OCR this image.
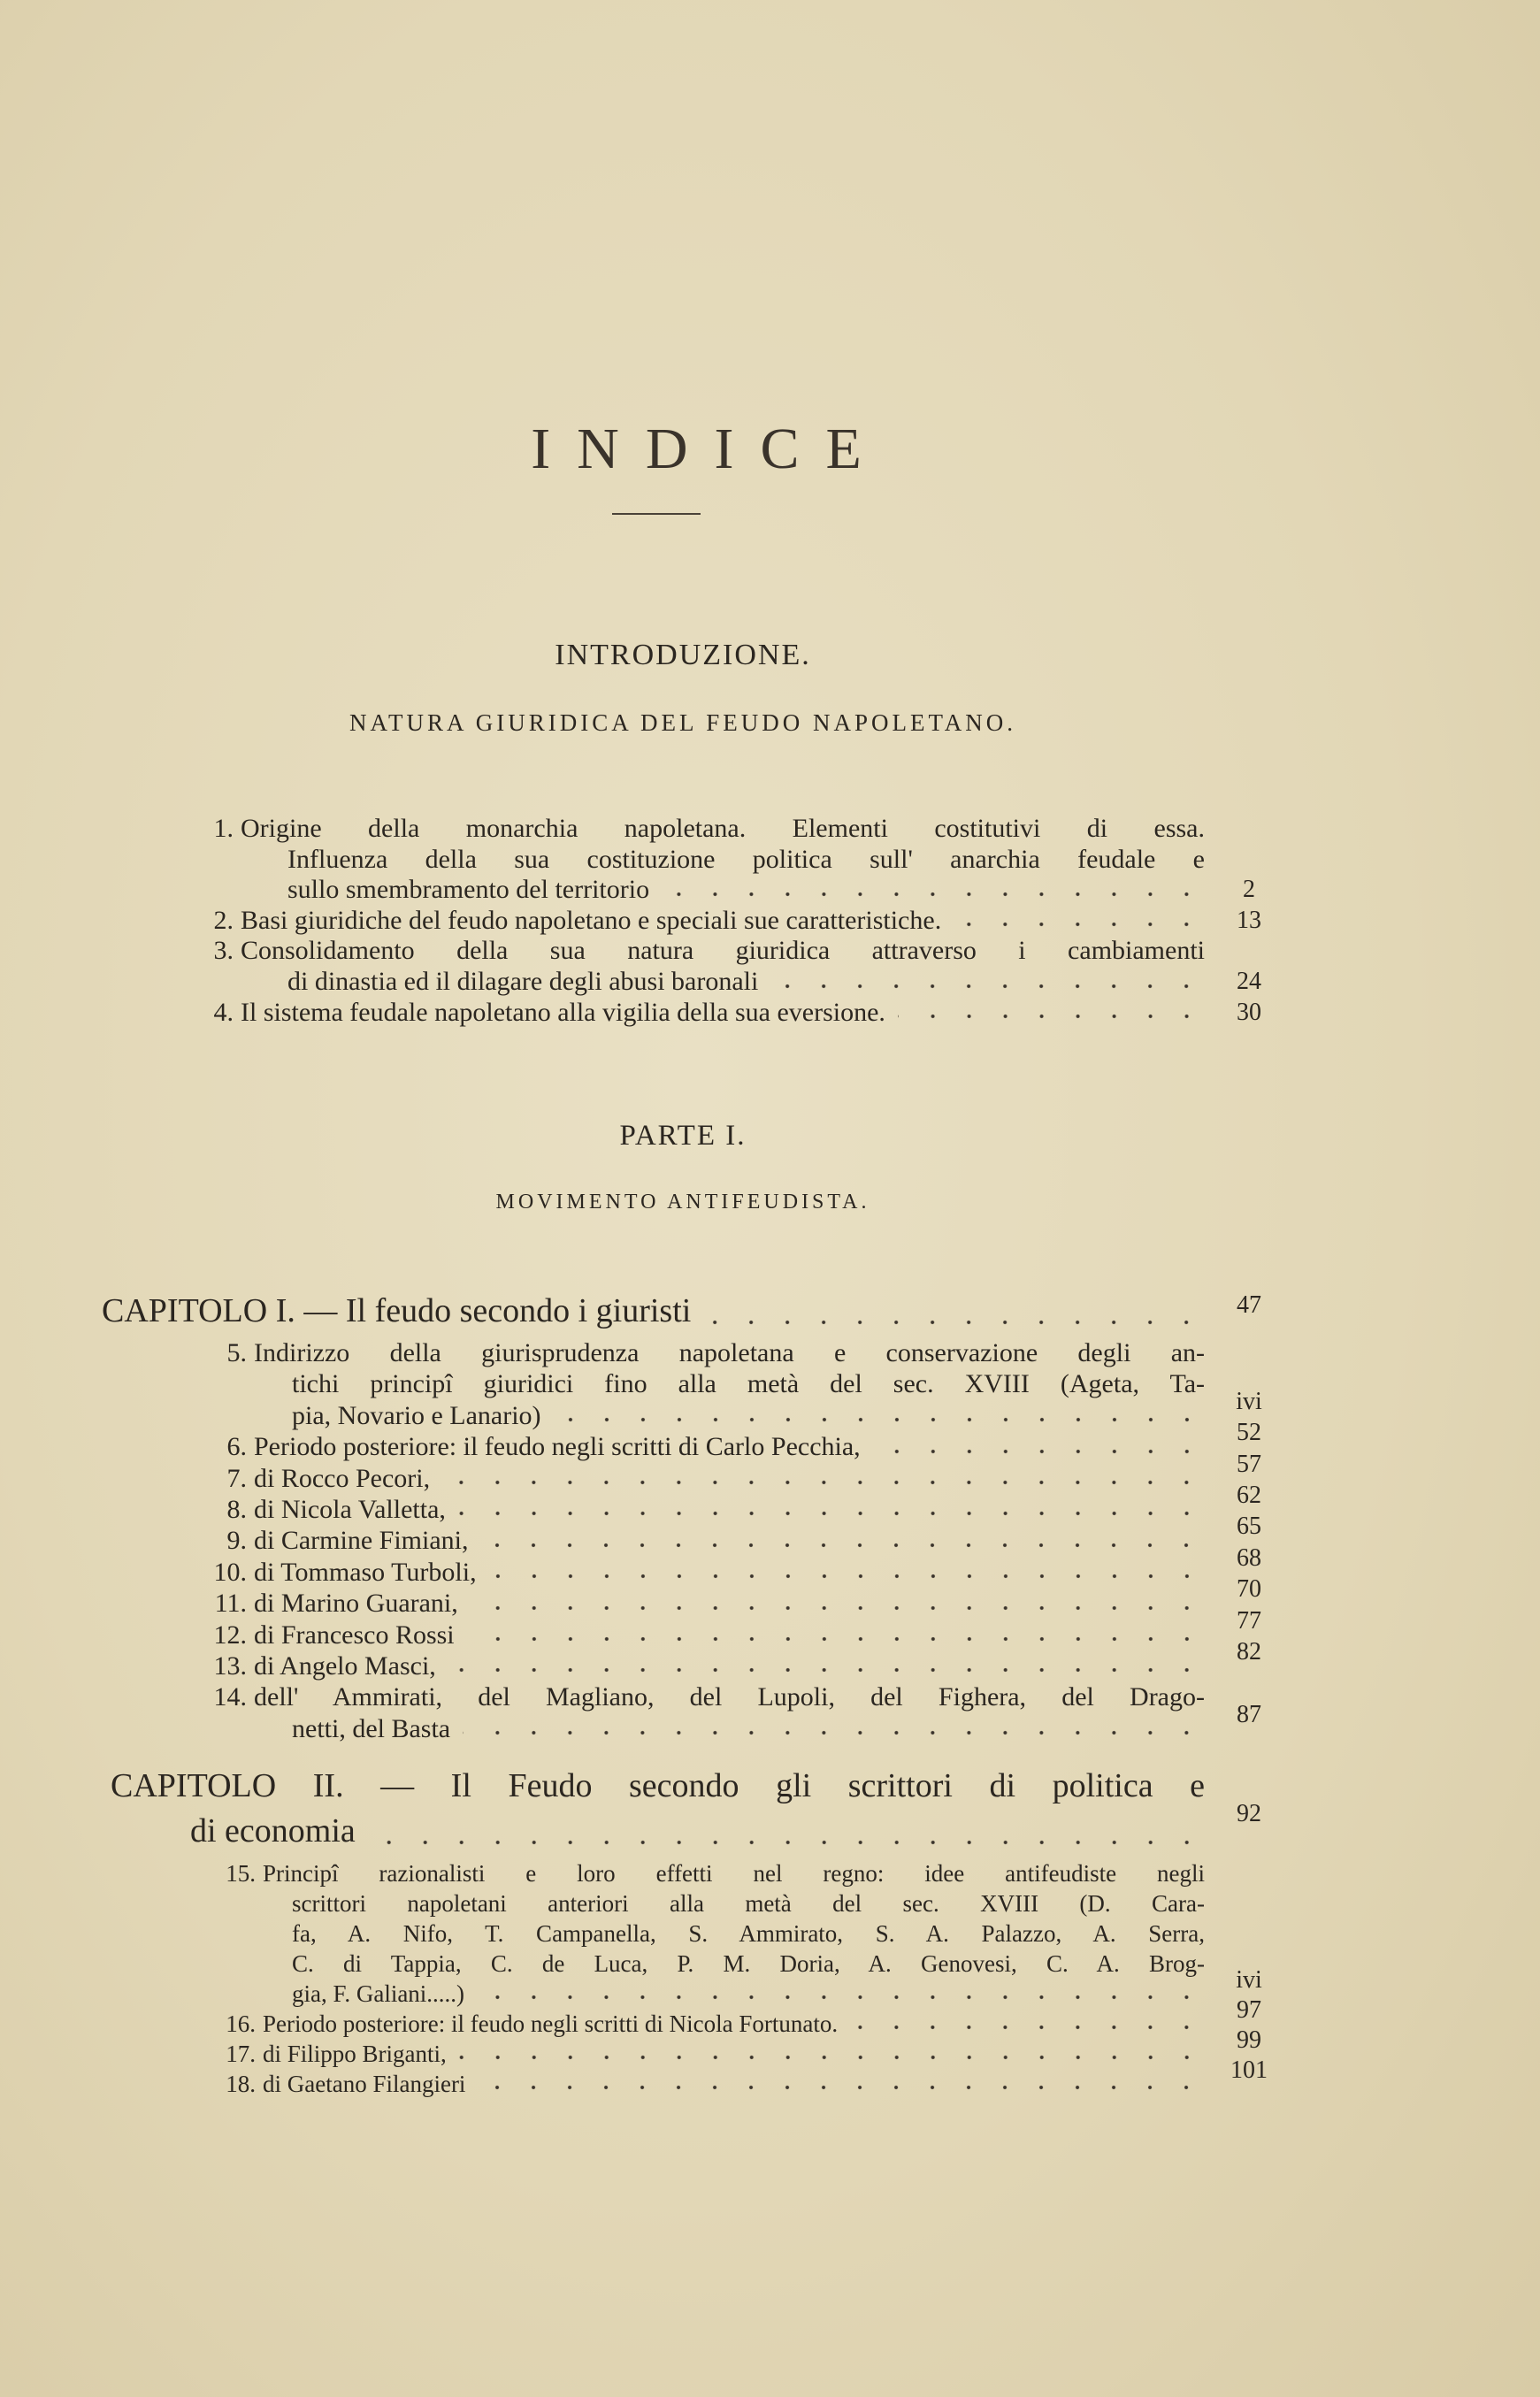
INDICE
INTRODUZIONE.
NATURA GIURIDICA DEL FEUDO NAPOLETANO.
1. Origine della monarchia napoletana. Elementi costitutivi di essa.
Influenza della sua costituzione politica sull' anarchia feudale e
sullo smembramento del territorio	2
2. Basi giuridiche del feudo napoletano e speciali sue caratteristiche.	13
3. Consolidamento della sua natura giuridica attraverso i cambiamenti
di dinastia ed il dilagare degli abusi baronali	24
4. Il sistema feudale napoletano alla vigilia della sua eversione.	30
PARTE I.
MOVIMENTO ANTIFEUDISTA.
CAPITOLO I. — Il feudo secondo i giuristi	47
5. Indirizzo della giurisprudenza napoletana e conservazione degli an-
tichi principî giuridici fino alla metà del sec. XVIII (Ageta, Ta-
pia, Novario e Lanario)	ivi
6. Periodo posteriore: il feudo negli scritti di Carlo Pecchia,	52
7. di Rocco Pecori,	57
8. di Nicola Valletta,	62
9. di Carmine Fimiani,	65
10. di Tommaso Turboli,	68
11. di Marino Guarani,	70
12. di Francesco Rossi	77
13. di Angelo Masci,	82
14. dell' Ammirati, del Magliano, del Lupoli, del Fighera, del Drago-
netti, del Basta	87
CAPITOLO II. — Il Feudo secondo gli scrittori di politica e
di economia	92
15. Principî razionalisti e loro effetti nel regno: idee antifeudiste negli
scrittori napoletani anteriori alla metà del sec. XVIII (D. Cara-
fa, A. Nifo, T. Campanella, S. Ammirato, S. A. Palazzo, A. Serra,
C. di Tappia, C. de Luca, P. M. Doria, A. Genovesi, C. A. Brog-
gia, F. Galiani.....)	ivi
16. Periodo posteriore: il feudo negli scritti di Nicola Fortunato.	97
17. di Filippo Briganti,	99
18. di Gaetano Filangieri	101
